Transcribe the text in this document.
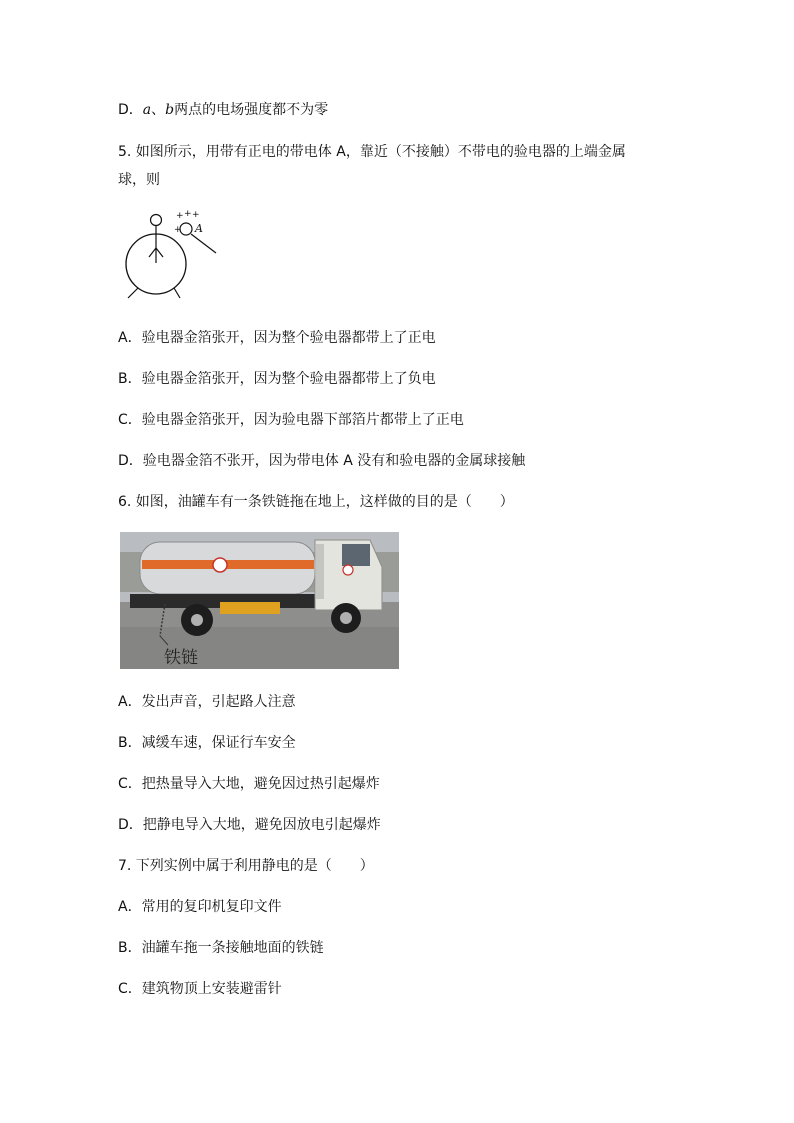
D．a、b两点的电场强度都不为零
5. 如图所示，用带有正电的带电体 A，靠近（不接触）不带电的验电器的上端金属
球，则
+++ +	A
A．验电器金箔张开，因为整个验电器都带上了正电
B．验电器金箔张开，因为整个验电器都带上了负电
C．验电器金箔张开，因为验电器下部箔片都带上了正电
D．验电器金箔不张开，因为带电体 A 没有和验电器的金属球接触
6. 如图，油罐车有一条铁链拖在地上，这样做的目的是（　　）
铁链
A．发出声音，引起路人注意
B．减缓车速，保证行车安全
C．把热量导入大地，避免因过热引起爆炸
D．把静电导入大地，避免因放电引起爆炸
7. 下列实例中属于利用静电的是（　　）
A．常用的复印机复印文件
B．油罐车拖一条接触地面的铁链
C．建筑物顶上安装避雷针
